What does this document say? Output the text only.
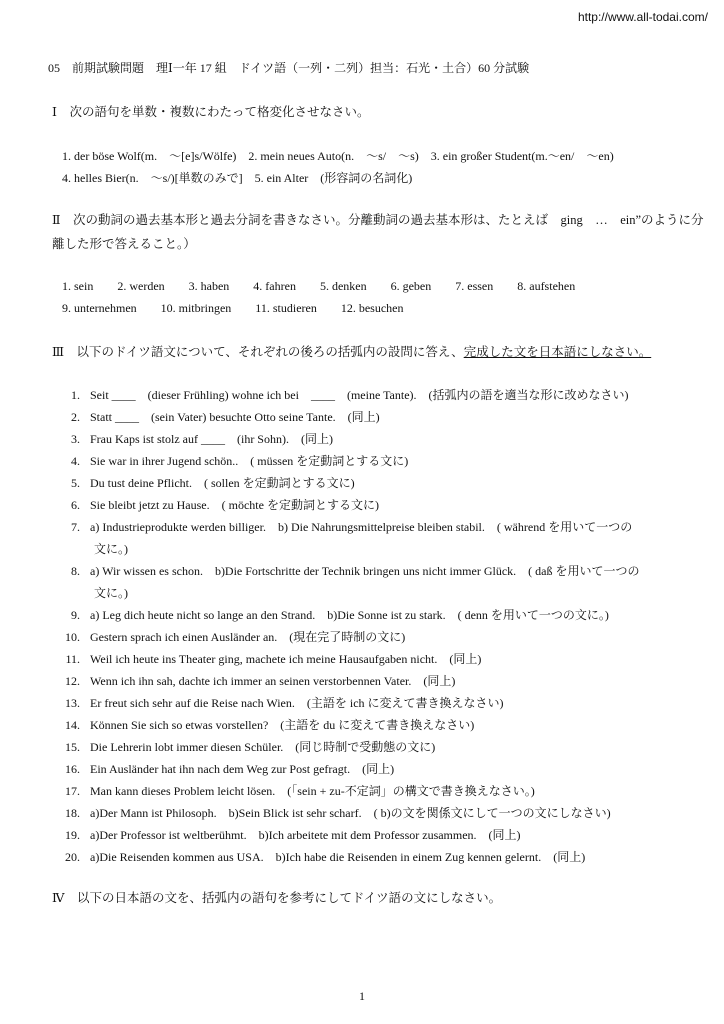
http://www.all-todai.com/
05　前期試験問題　理Ⅰ一年 17 組　ドイツ語（一列・二列）担当：石光・土合）60 分試験
Ⅰ　次の語句を単数・複数にわたって格変化させなさい。
1. der böse Wolf(m.　～[e]s/Wölfe)　2. mein neues Auto(n.　～s/　～s)　3. ein großer Student(m.～en/　～en)
4. helles Bier(n.　～s/)[単数のみで]　5. ein Alter　(形容詞の名詞化)
Ⅱ　次の動詞の過去基本形と過去分詞を書きなさい。分離動詞の過去基本形は、たとえば　ging　…　ein”のように分
離した形で答えること。）
1. sein　　2. werden　　3. haben　　4. fahren　　5. denken　　6. geben　　7. essen　　8. aufstehen
9. unternehmen　　10. mitbringen　　11. studieren　　12. besuchen
Ⅲ　以下のドイツ語文について、それぞれの後ろの括弧内の設問に答え、完成した文を日本語にしなさい。
1. Seit ____　(dieser Frühling) wohne ich bei　____　(meine Tante).　(括弧内の語を適当な形に改めなさい)
2. Statt ____　(sein Vater) besuchte Otto seine Tante.　(同上)
3. Frau Kaps ist stolz auf ____　(ihr Sohn).　(同上)
4. Sie war in ihrer Jugend schön..　( müssen を定動詞とする文に)
5. Du tust deine Pflicht.　( sollen を定動詞とする文に)
6. Sie bleibt jetzt zu Hause.　( möchte を定動詞とする文に)
7. a) Industrieprodukte werden billiger.　b) Die Nahrungsmittelpreise bleiben stabil.　( während を用いて一つの
文に。)
8. a) Wir wissen es schon.　b)Die Fortschritte der Technik bringen uns nicht immer Glück.　( daß を用いて一つの
文に。)
9. a) Leg dich heute nicht so lange an den Strand.　b)Die Sonne ist zu stark.　( denn を用いて一つの文に。)
10. Gestern sprach ich einen Ausländer an.　(現在完了時制の文に)
11. Weil ich heute ins Theater ging, machete ich meine Hausaufgaben nicht.　(同上)
12. Wenn ich ihn sah, dachte ich immer an seinen verstorbennen Vater.　(同上)
13. Er freut sich sehr auf die Reise nach Wien.　(主語を ich に変えて書き換えなさい)
14. Können Sie sich so etwas vorstellen?　(主語を du に変えて書き換えなさい)
15. Die Lehrerin lobt immer diesen Schüler.　(同じ時制で受動態の文に)
16. Ein Ausländer hat ihn nach dem Weg zur Post gefragt.　(同上)
17. Man kann dieses Problem leicht lösen.　(「sein + zu-不定詞」の構文で書き換えなさい。)
18. a)Der Mann ist Philosoph.　b)Sein Blick ist sehr scharf.　( b)の文を関係文にして一つの文にしなさい)
19. a)Der Professor ist weltberühmt.　b)Ich arbeitete mit dem Professor zusammen.　(同上)
20. a)Die Reisenden kommen aus USA.　b)Ich habe die Reisenden in einem Zug kennen gelernt.　(同上)
Ⅳ　以下の日本語の文を、括弧内の語句を参考にしてドイツ語の文にしなさい。
1
